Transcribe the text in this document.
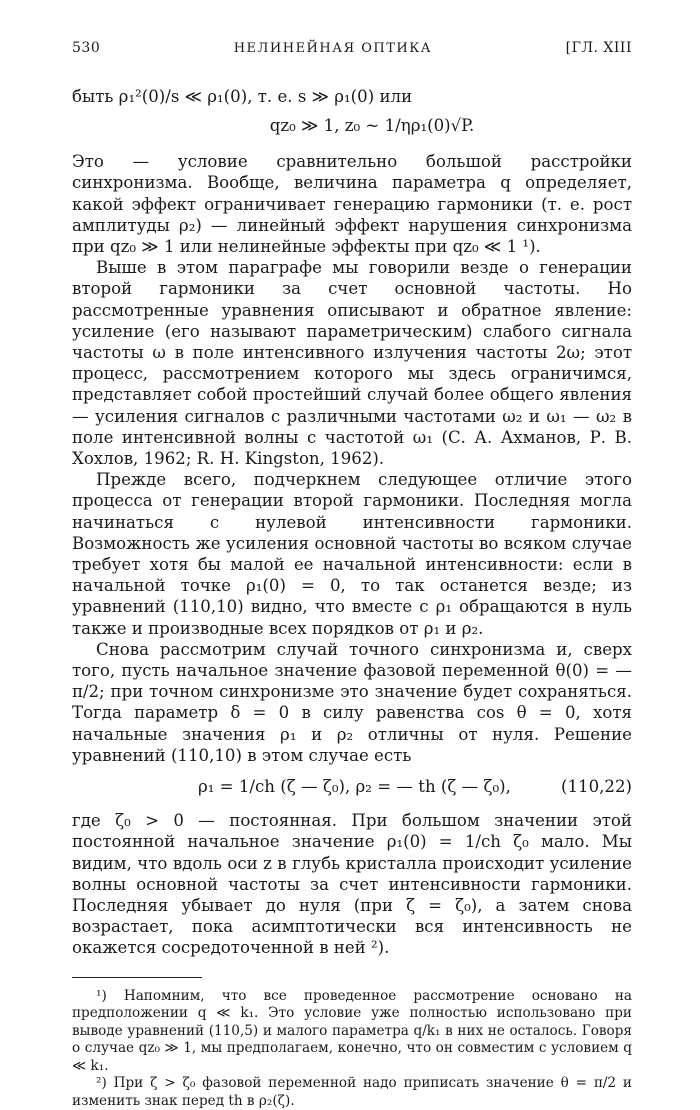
530	НЕЛИНЕЙНАЯ ОПТИКА	[ГЛ. XIII

быть ρ₁²(0)/s ≪ ρ₁(0), т. е. s ≫ ρ₁(0) или

qz₀ ≫ 1, z₀ ~ 1/ηρ₁(0)√P.

Это — условие сравнительно большой расстройки синхронизма. Вообще, величина параметра q определяет, какой эффект ограничивает генерацию гармоники (т. е. рост амплитуды ρ₂) — линейный эффект нарушения синхронизма при qz₀ ≫ 1 или нелинейные эффекты при qz₀ ≪ 1 ¹).

Выше в этом параграфе мы говорили везде о генерации второй гармоники за счет основной частоты. Но рассмотренные уравнения описывают и обратное явление: усиление (его называют параметрическим) слабого сигнала частоты ω в поле интенсивного излучения частоты 2ω; этот процесс, рассмотрением которого мы здесь ограничимся, представляет собой простейший случай более общего явления — усиления сигналов с различными частотами ω₂ и ω₁ — ω₂ в поле интенсивной волны с частотой ω₁ (С. А. Ахманов, Р. В. Хохлов, 1962; R. H. Kingston, 1962).

Прежде всего, подчеркнем следующее отличие этого процесса от генерации второй гармоники. Последняя могла начинаться с нулевой интенсивности гармоники. Возможность же усиления основной частоты во всяком случае требует хотя бы малой ее начальной интенсивности: если в начальной точке ρ₁(0) = 0, то так останется везде; из уравнений (110,10) видно, что вместе с ρ₁ обращаются в нуль также и производные всех порядков от ρ₁ и ρ₂.

Снова рассмотрим случай точного синхронизма и, сверх того, пусть начальное значение фазовой переменной θ(0) = — π/2; при точном синхронизме это значение будет сохраняться. Тогда параметр δ = 0 в силу равенства cos θ = 0, хотя начальные значения ρ₁ и ρ₂ отличны от нуля. Решение уравнений (110,10) в этом случае есть

ρ₁ = 1/ch (ζ — ζ₀), ρ₂ = — th (ζ — ζ₀),	(110,22)

где ζ₀ > 0 — постоянная. При большом значении этой постоянной начальное значение ρ₁(0) = 1/ch ζ₀ мало. Мы видим, что вдоль оси z в глубь кристалла происходит усиление волны основной частоты за счет интенсивности гармоники. Последняя убывает до нуля (при ζ = ζ₀), а затем снова возрастает, пока асимптотически вся интенсивность не окажется сосредоточенной в ней ²).

¹) Напомним, что все проведенное рассмотрение основано на предположении q ≪ k₁. Это условие уже полностью использовано при выводе уравнений (110,5) и малого параметра q/k₁ в них не осталось. Говоря о случае qz₀ ≫ 1, мы предполагаем, конечно, что он совместим с условием q ≪ k₁.

²) При ζ > ζ₀ фазовой переменной надо приписать значение θ = π/2 и изменить знак перед th в ρ₂(ζ).
